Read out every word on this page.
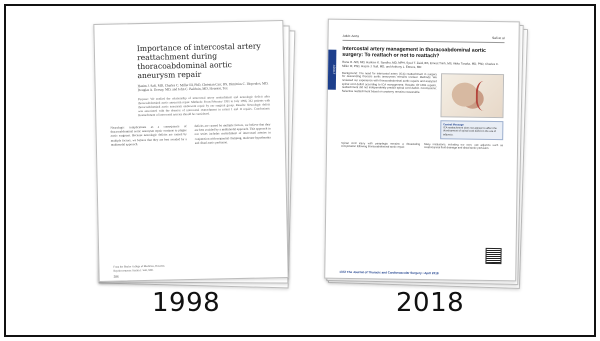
Importance of intercostal artery reattachment during thoracoabdominal aortic aneurysm repair
Hazim J. Safi, MD, Charles C. Miller III, PhD, Christian Carr, BS, Dimitrios C. Iliopoulos, MD, Douglas A. Dorsay, MD, and John C. Baldwin, MD, Houston, Tex
Purpose: We studied the relationship of intercostal artery reattachment and neurologic deficit after thoracoabdominal aortic aneurysm repair. Methods: From February 1991 to July 1996, 342 patients with thoracoabdominal aortic aneurysm underwent repair by our surgical group. Results: Neurologic deficit was associated with the absence of intercostal reattachment in extent I and II repairs. Conclusions: Reattachment of intercostal arteries should be considered.
Neurologic complications as a consequence of thoracoabdominal aortic aneurysm repair continue to plague aortic surgeons. Because neurologic deficits are caused by multiple factors, we believe that they are best avoided by a multimodal approach.
deficits are caused by multiple factors, we believe that they are best avoided by a multimodal approach. This approach in our series includes reattachment of intercostal arteries in conjunction with sequential clamping, moderate hypothermia and distal aortic perfusion.
From the Baylor College of Medicine, Houston. Reprint requests: Hazim J. Safi, MD.
286
ADULT
Adult: Aorta	Safi et al
Intercostal artery management in thoracoabdominal aortic surgery: To reattach or not to reattach?
Rana O. Afifi, MD, Harleen K. Sandhu, MD, MPH, Syed T. Zaidi, BS, Ernest Trinh, MS, Akiko Tanaka, MD, PhD, Charles C. Miller III, PhD, Hazim J. Safi, MD, and Anthony L. Estrera, MD
Background: The need for intercostal artery (ICA) reattachment in surgery for descending thoracic aortic aneurysms remains unclear. Methods: We reviewed our experience with thoracoabdominal aortic repairs and analyzed spinal cord deficit according to ICA management. Results: Of 1091 repairs, reattachment did not independently predict spinal cord deficit. Conclusions: Selective reattachment based on anatomy remains reasonable.
Central Message
ICA reattachment does not appear to affect the development of spinal cord deficit in the era of adjuncts.
Spinal cord injury with paraplegia remains a devastating complication following thoracoabdominal aortic repair.
Many institutions, including our own, use adjuncts such as cerebrospinal fluid drainage and distal aortic perfusion.
1372 The Journal of Thoracic and Cardiovascular Surgery • April 2018
1998	2018
